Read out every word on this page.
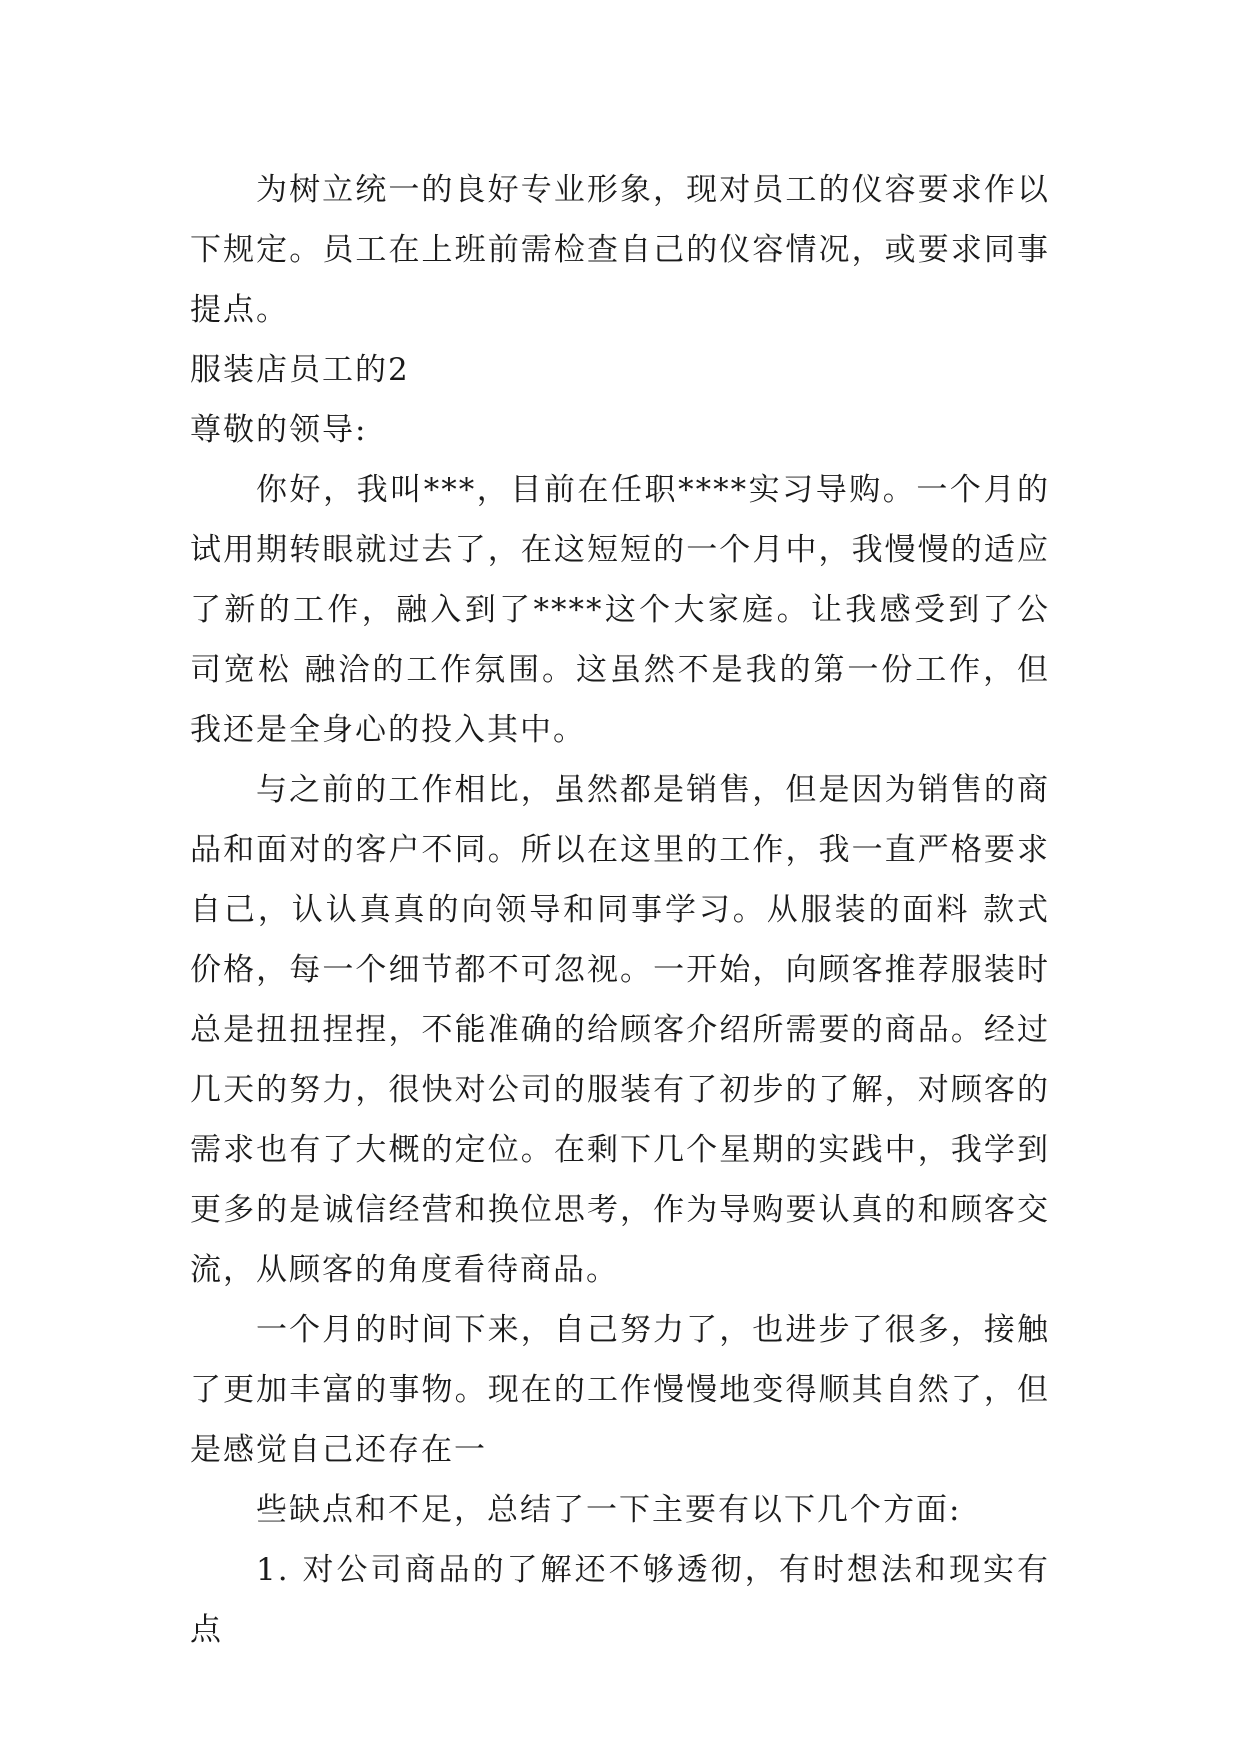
为树立统一的良好专业形象，现对员工的仪容要求作以下规定。员工在上班前需检查自己的仪容情况，或要求同事提点。

服装店员工的2

尊敬的领导:

你好，我叫***，目前在任职****实习导购。一个月的试用期转眼就过去了，在这短短的一个月中，我慢慢的适应了新的工作，融入到了****这个大家庭。让我感受到了公司宽松 融洽的工作氛围。这虽然不是我的第一份工作，但我还是全身心的投入其中。

与之前的工作相比，虽然都是销售，但是因为销售的商品和面对的客户不同。所以在这里的工作，我一直严格要求自己，认认真真的向领导和同事学习。从服装的面料 款式价格，每一个细节都不可忽视。一开始，向顾客推荐服装时总是扭扭捏捏，不能准确的给顾客介绍所需要的商品。经过几天的努力，很快对公司的服装有了初步的了解，对顾客的需求也有了大概的定位。在剩下几个星期的实践中，我学到更多的是诚信经营和换位思考，作为导购要认真的和顾客交流，从顾客的角度看待商品。

一个月的时间下来，自己努力了，也进步了很多，接触了更加丰富的事物。现在的工作慢慢地变得顺其自然了，但是感觉自己还存在一

些缺点和不足，总结了一下主要有以下几个方面:

1. 对公司商品的了解还不够透彻，有时想法和现实有点
